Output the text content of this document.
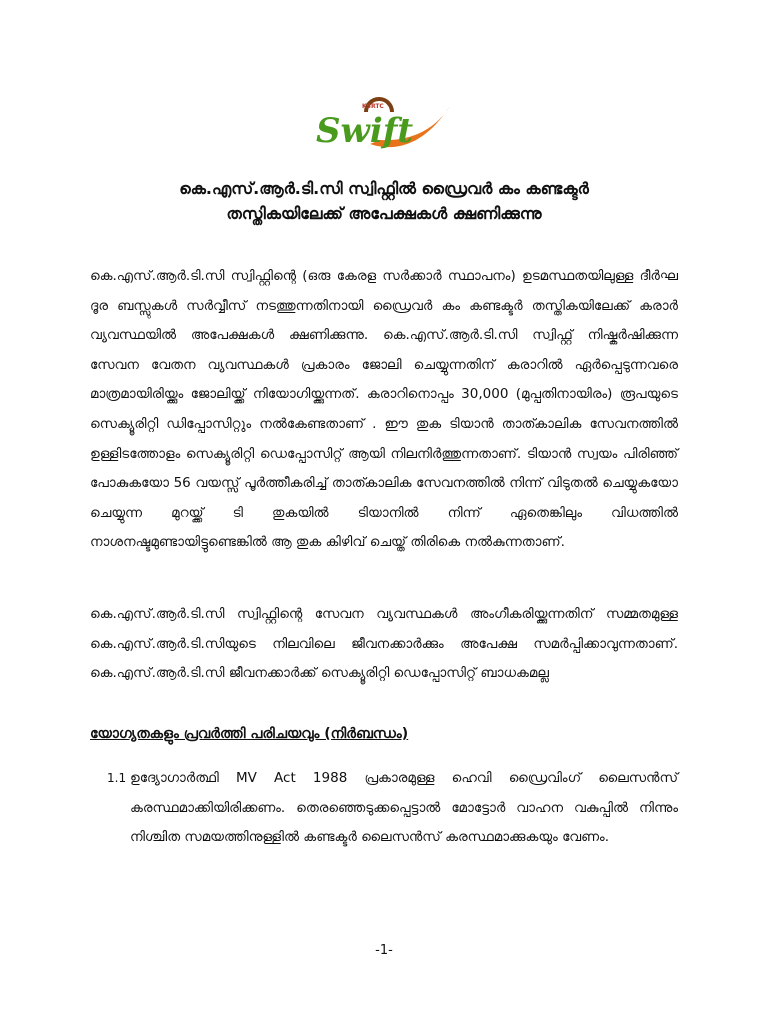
KSRTC
Swift
കെ.എസ്.ആർ.ടി.സി സ്വിഫ്റ്റിൽ ഡ്രൈവർ കം കണ്ടക്ടർ
തസ്തികയിലേക്ക് അപേക്ഷകൾ ക്ഷണിക്കുന്നു

കെ.എസ്.ആർ.ടി.സി സ്വിഫ്റ്റിന്റെ (ഒരു കേരള സർക്കാർ സ്ഥാപനം) ഉടമസ്ഥതയിലുള്ള ദീർഘ ദൂര ബസ്സുകൾ സർവ്വീസ് നടത്തുന്നതിനായി ഡ്രൈവർ കം കണ്ടക്ടർ തസ്തികയിലേക്ക് കരാർ വ്യവസ്ഥയിൽ അപേക്ഷകൾ ക്ഷണിക്കുന്നു. കെ.എസ്.ആർ.ടി.സി സ്വിഫ്റ്റ് നിഷ്കർഷിക്കുന്ന സേവന വേതന വ്യവസ്ഥകൾ പ്രകാരം ജോലി ചെയ്യുന്നതിന് കരാറിൽ ഏർപ്പെടുന്നവരെ മാത്രമായിരിയ്ക്കും ജോലിയ്ക്ക് നിയോഗിയ്ക്കുന്നത്. കരാറിനൊപ്പം 30,000 (മുപ്പതിനായിരം) രൂപയുടെ സെക്യൂരിറ്റി ഡിപ്പോസിറ്റും നൽകേണ്ടതാണ് . ഈ തുക ടിയാൻ താത്കാലിക സേവനത്തിൽ ഉള്ളിടത്തോളം സെക്യൂരിറ്റി ഡെപ്പോസിറ്റ് ആയി നിലനിർത്തുന്നതാണ്. ടിയാൻ സ്വയം പിരിഞ്ഞ് പോകുകയോ 56 വയസ്സ് പൂർത്തീകരിച്ച് താത്കാലിക സേവനത്തിൽ നിന്ന് വിടുതൽ ചെയ്യുകയോ ചെയ്യുന്ന മുറയ്ക്ക് ടി തുകയിൽ ടിയാനിൽ നിന്ന് ഏതെങ്കിലും വിധത്തിൽ നാശനഷ്ടമുണ്ടായിട്ടുണ്ടെങ്കിൽ ആ തുക കിഴിവ് ചെയ്ത് തിരികെ നൽകുന്നതാണ്.

കെ.എസ്.ആർ.ടി.സി സ്വിഫ്റ്റിന്റെ സേവന വ്യവസ്ഥകൾ അംഗീകരിയ്ക്കുന്നതിന് സമ്മതമുള്ള കെ.എസ്.ആർ.ടി.സിയുടെ നിലവിലെ ജീവനക്കാർക്കും അപേക്ഷ സമർപ്പിക്കാവുന്നതാണ്. കെ.എസ്.ആർ.ടി.സി ജീവനക്കാർക്ക് സെക്യൂരിറ്റി ഡെപ്പോസിറ്റ് ബാധകമല്ല

യോഗ്യതകളും പ്രവർത്തി പരിചയവും (നിർബന്ധം)
1.1 ഉദ്യോഗാർത്ഥി MV Act 1988 പ്രകാരമുള്ള ഹെവി ഡ്രൈവിംഗ് ലൈസൻസ് കരസ്ഥമാക്കിയിരിക്കണം. തെരഞ്ഞെടുക്കപ്പെട്ടാൽ മോട്ടോർ വാഹന വകുപ്പിൽ നിന്നും നിശ്ചിത സമയത്തിനുള്ളിൽ കണ്ടക്ടർ ലൈസൻസ് കരസ്ഥമാക്കുകയും വേണം.

-1-
